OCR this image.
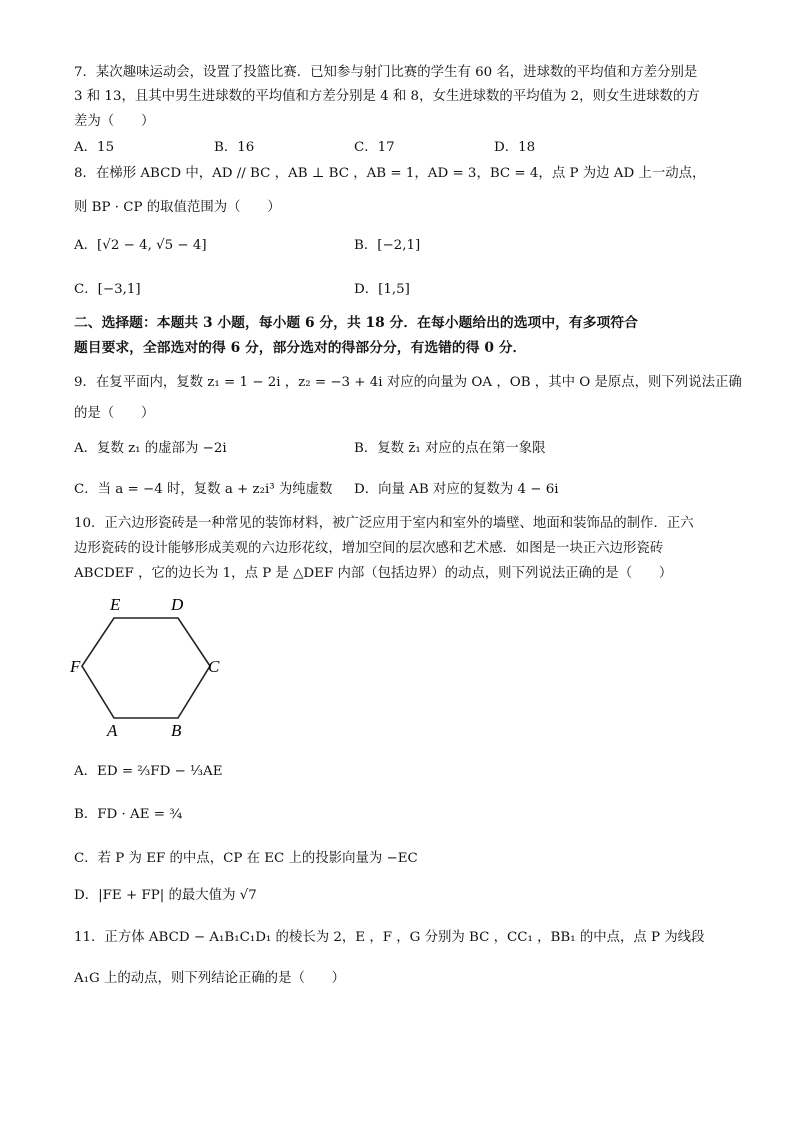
7．某次趣味运动会，设置了投篮比赛．已知参与射门比赛的学生有 60 名，进球数的平均值和方差分别是
3 和 13，且其中男生进球数的平均值和方差分别是 4 和 8，女生进球数的平均值为 2，则女生进球数的方
差为（　　）
A．15	B．16	C．17	D．18
8．在梯形 ABCD 中，AD // BC ，AB ⊥ BC ，AB = 1，AD = 3，BC = 4，点 P 为边 AD 上一动点，
则 BP · CP 的取值范围为（　　）
A．[√2 − 4, √5 − 4]	B．[−2,1]
C．[−3,1]	D．[1,5]
二、选择题：本题共 3 小题，每小题 6 分，共 18 分．在每小题给出的选项中，有多项符合
题目要求，全部选对的得 6 分，部分选对的得部分分，有选错的得 0 分．
9．在复平面内，复数 z₁ = 1 − 2i ，z₂ = −3 + 4i 对应的向量为 OA ，OB ，其中 O 是原点，则下列说法正确
的是（　　）
A．复数 z₁ 的虚部为 −2i	B．复数 z̄₁ 对应的点在第一象限
C．当 a = −4 时，复数 a + z₂i³ 为纯虚数 D．向量 AB 对应的复数为 4 − 6i
10．正六边形瓷砖是一种常见的装饰材料，被广泛应用于室内和室外的墙壁、地面和装饰品的制作．正六
边形瓷砖的设计能够形成美观的六边形花纹，增加空间的层次感和艺术感．如图是一块正六边形瓷砖
ABCDEF ，它的边长为 1，点 P 是 △DEF 内部（包括边界）的动点，则下列说法正确的是（　　）
E	D
F	C
A	B
A．ED = ⅔FD − ⅓AE
B．FD · AE = ¾
C．若 P 为 EF 的中点，CP 在 EC 上的投影向量为 −EC
D．|FE + FP| 的最大值为 √7
11．正方体 ABCD − A₁B₁C₁D₁ 的棱长为 2，E ，F ，G 分别为 BC ，CC₁ ，BB₁ 的中点，点 P 为线段
A₁G 上的动点，则下列结论正确的是（　　）
